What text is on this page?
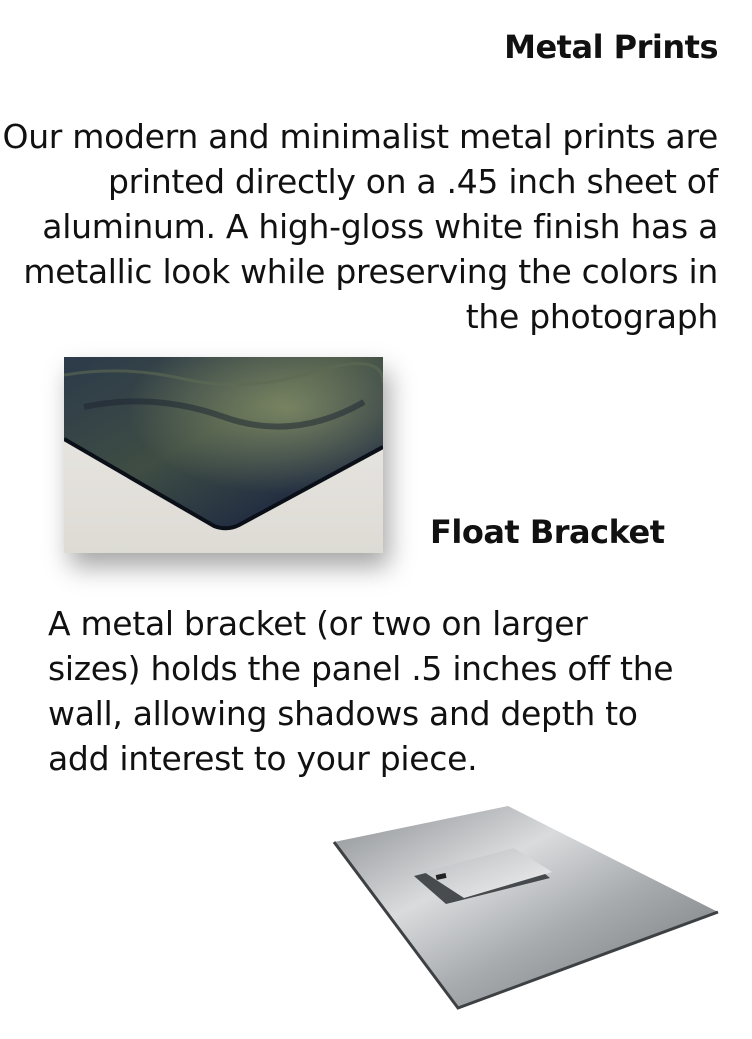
Metal Prints
Our modern and minimalist metal prints are printed directly on a .45 inch sheet of aluminum. A high-gloss white finish has a metallic look while preserving the colors in the photograph
Float Bracket
A metal bracket (or two on larger sizes) holds the panel .5 inches off the wall, allowing shadows and depth to add interest to your piece.
